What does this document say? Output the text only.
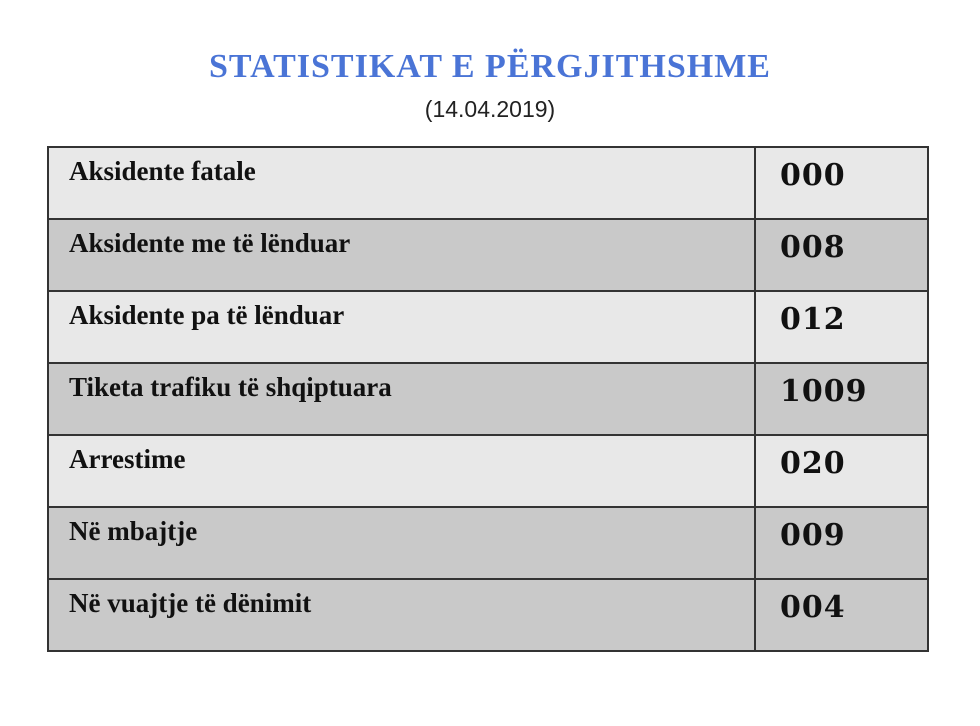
STATISTIKAT E PËRGJITHSHME
(14.04.2019)
Aksidente fatale	000

Aksidente me të lënduar	008

Aksidente pa të lënduar	012

Tiketa trafiku të shqiptuara	1009

Arrestime	020

Në mbajtje	009

Në vuajtje të dënimit	004
